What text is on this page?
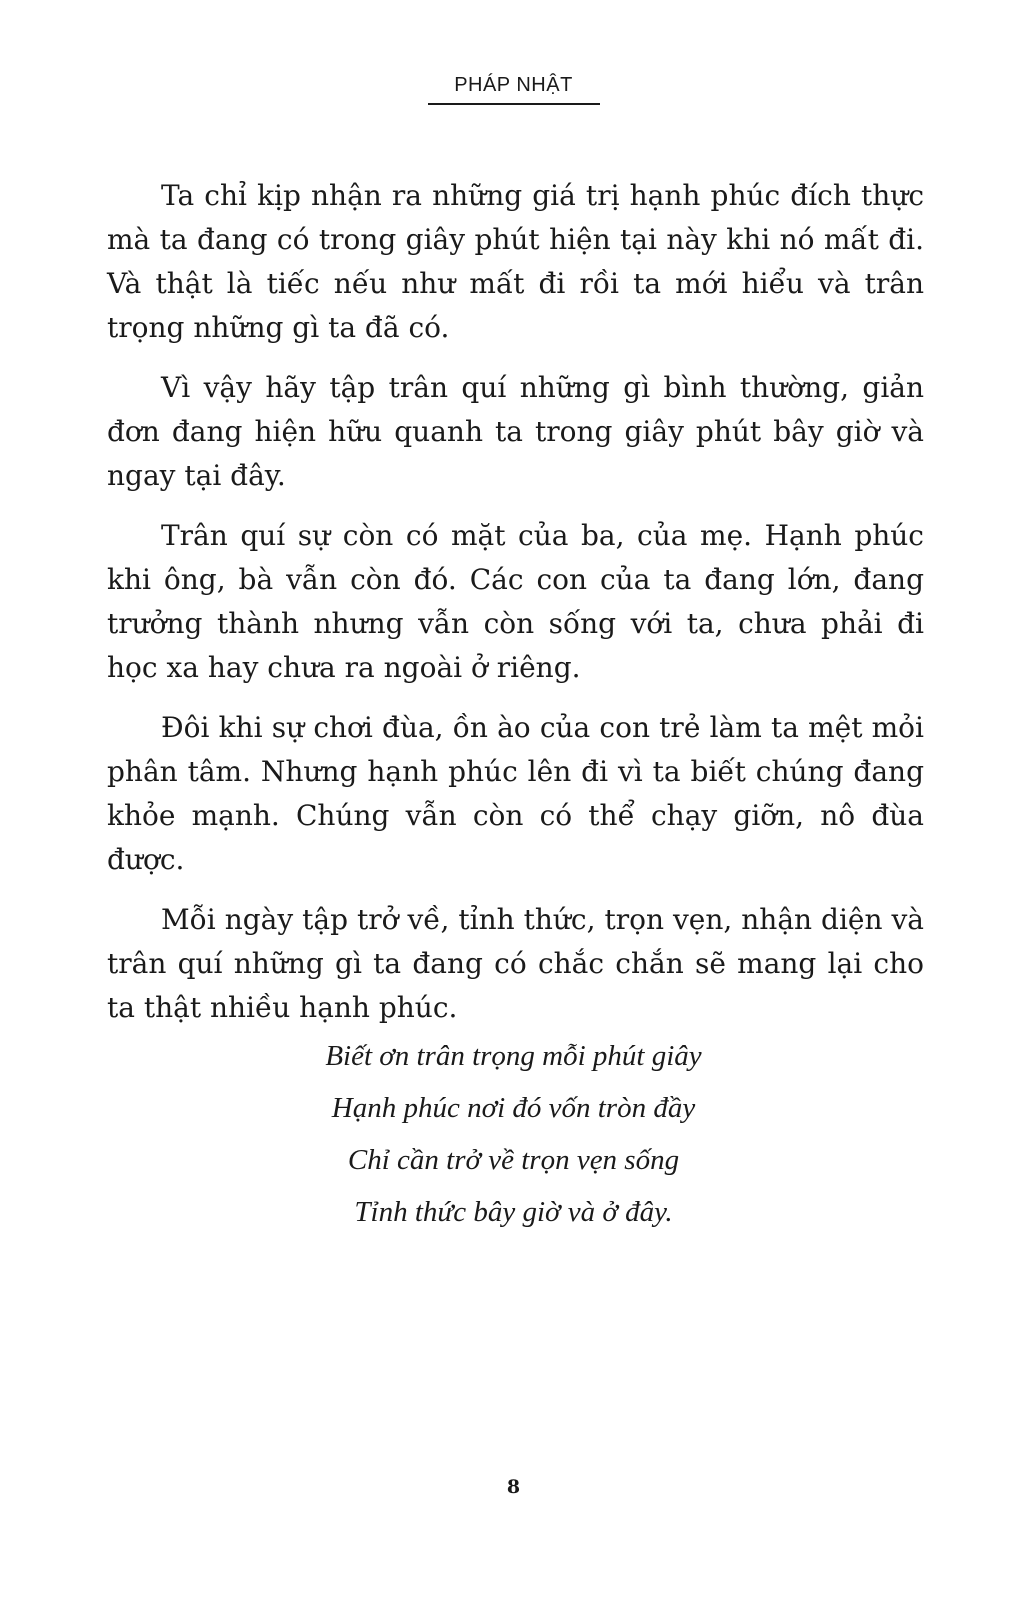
PHÁP NHẬT

Ta chỉ kịp nhận ra những giá trị hạnh phúc đích thực mà ta đang có trong giây phút hiện tại này khi nó mất đi. Và thật là tiếc nếu như mất đi rồi ta mới hiểu và trân trọng những gì ta đã có.

Vì vậy hãy tập trân quí những gì bình thường, giản đơn đang hiện hữu quanh ta trong giây phút bây giờ và ngay tại đây.

Trân quí sự còn có mặt của ba, của mẹ. Hạnh phúc khi ông, bà vẫn còn đó. Các con của ta đang lớn, đang trưởng thành nhưng vẫn còn sống với ta, chưa phải đi học xa hay chưa ra ngoài ở riêng.

Đôi khi sự chơi đùa, ồn ào của con trẻ làm ta mệt mỏi phân tâm. Nhưng hạnh phúc lên đi vì ta biết chúng đang khỏe mạnh. Chúng vẫn còn có thể chạy giỡn, nô đùa được.

Mỗi ngày tập trở về, tỉnh thức, trọn vẹn, nhận diện và trân quí những gì ta đang có chắc chắn sẽ mang lại cho ta thật nhiều hạnh phúc.

Biết ơn trân trọng mỗi phút giây
Hạnh phúc nơi đó vốn tròn đầy
Chỉ cần trở về trọn vẹn sống
Tỉnh thức bây giờ và ở đây.
8
